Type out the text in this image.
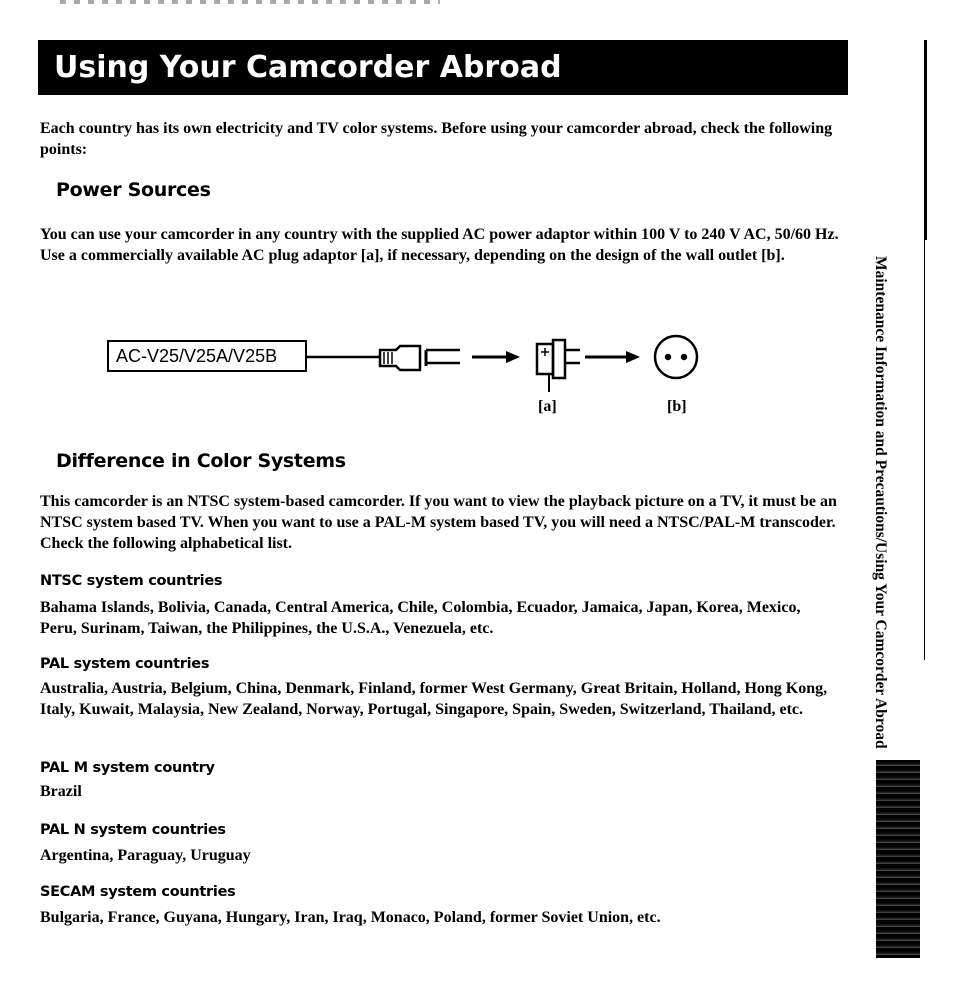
Using Your Camcorder Abroad
Each country has its own electricity and TV color systems. Before using your camcorder abroad, check the following points:
Power Sources
You can use your camcorder in any country with the supplied AC power adaptor within 100 V to 240 V AC, 50/60 Hz. Use a commercially available AC plug adaptor [a], if necessary, depending on the design of the wall outlet [b].
AC-V25/V25A/V25B
[a]	[b]
Difference in Color Systems
This camcorder is an NTSC system-based camcorder. If you want to view the playback picture on a TV, it must be an NTSC system based TV. When you want to use a PAL-M system based TV, you will need a NTSC/PAL-M transcoder. Check the following alphabetical list.
NTSC system countries
Bahama Islands, Bolivia, Canada, Central America, Chile, Colombia, Ecuador, Jamaica, Japan, Korea, Mexico, Peru, Surinam, Taiwan, the Philippines, the U.S.A., Venezuela, etc.
PAL system countries
Australia, Austria, Belgium, China, Denmark, Finland, former West Germany, Great Britain, Holland, Hong Kong, Italy, Kuwait, Malaysia, New Zealand, Norway, Portugal, Singapore, Spain, Sweden, Switzerland, Thailand, etc.
PAL M system country
Brazil
PAL N system countries
Argentina, Paraguay, Uruguay
SECAM system countries
Bulgaria, France, Guyana, Hungary, Iran, Iraq, Monaco, Poland, former Soviet Union, etc.
Maintenance Information and Precautions/Using Your Camcorder Abroad
